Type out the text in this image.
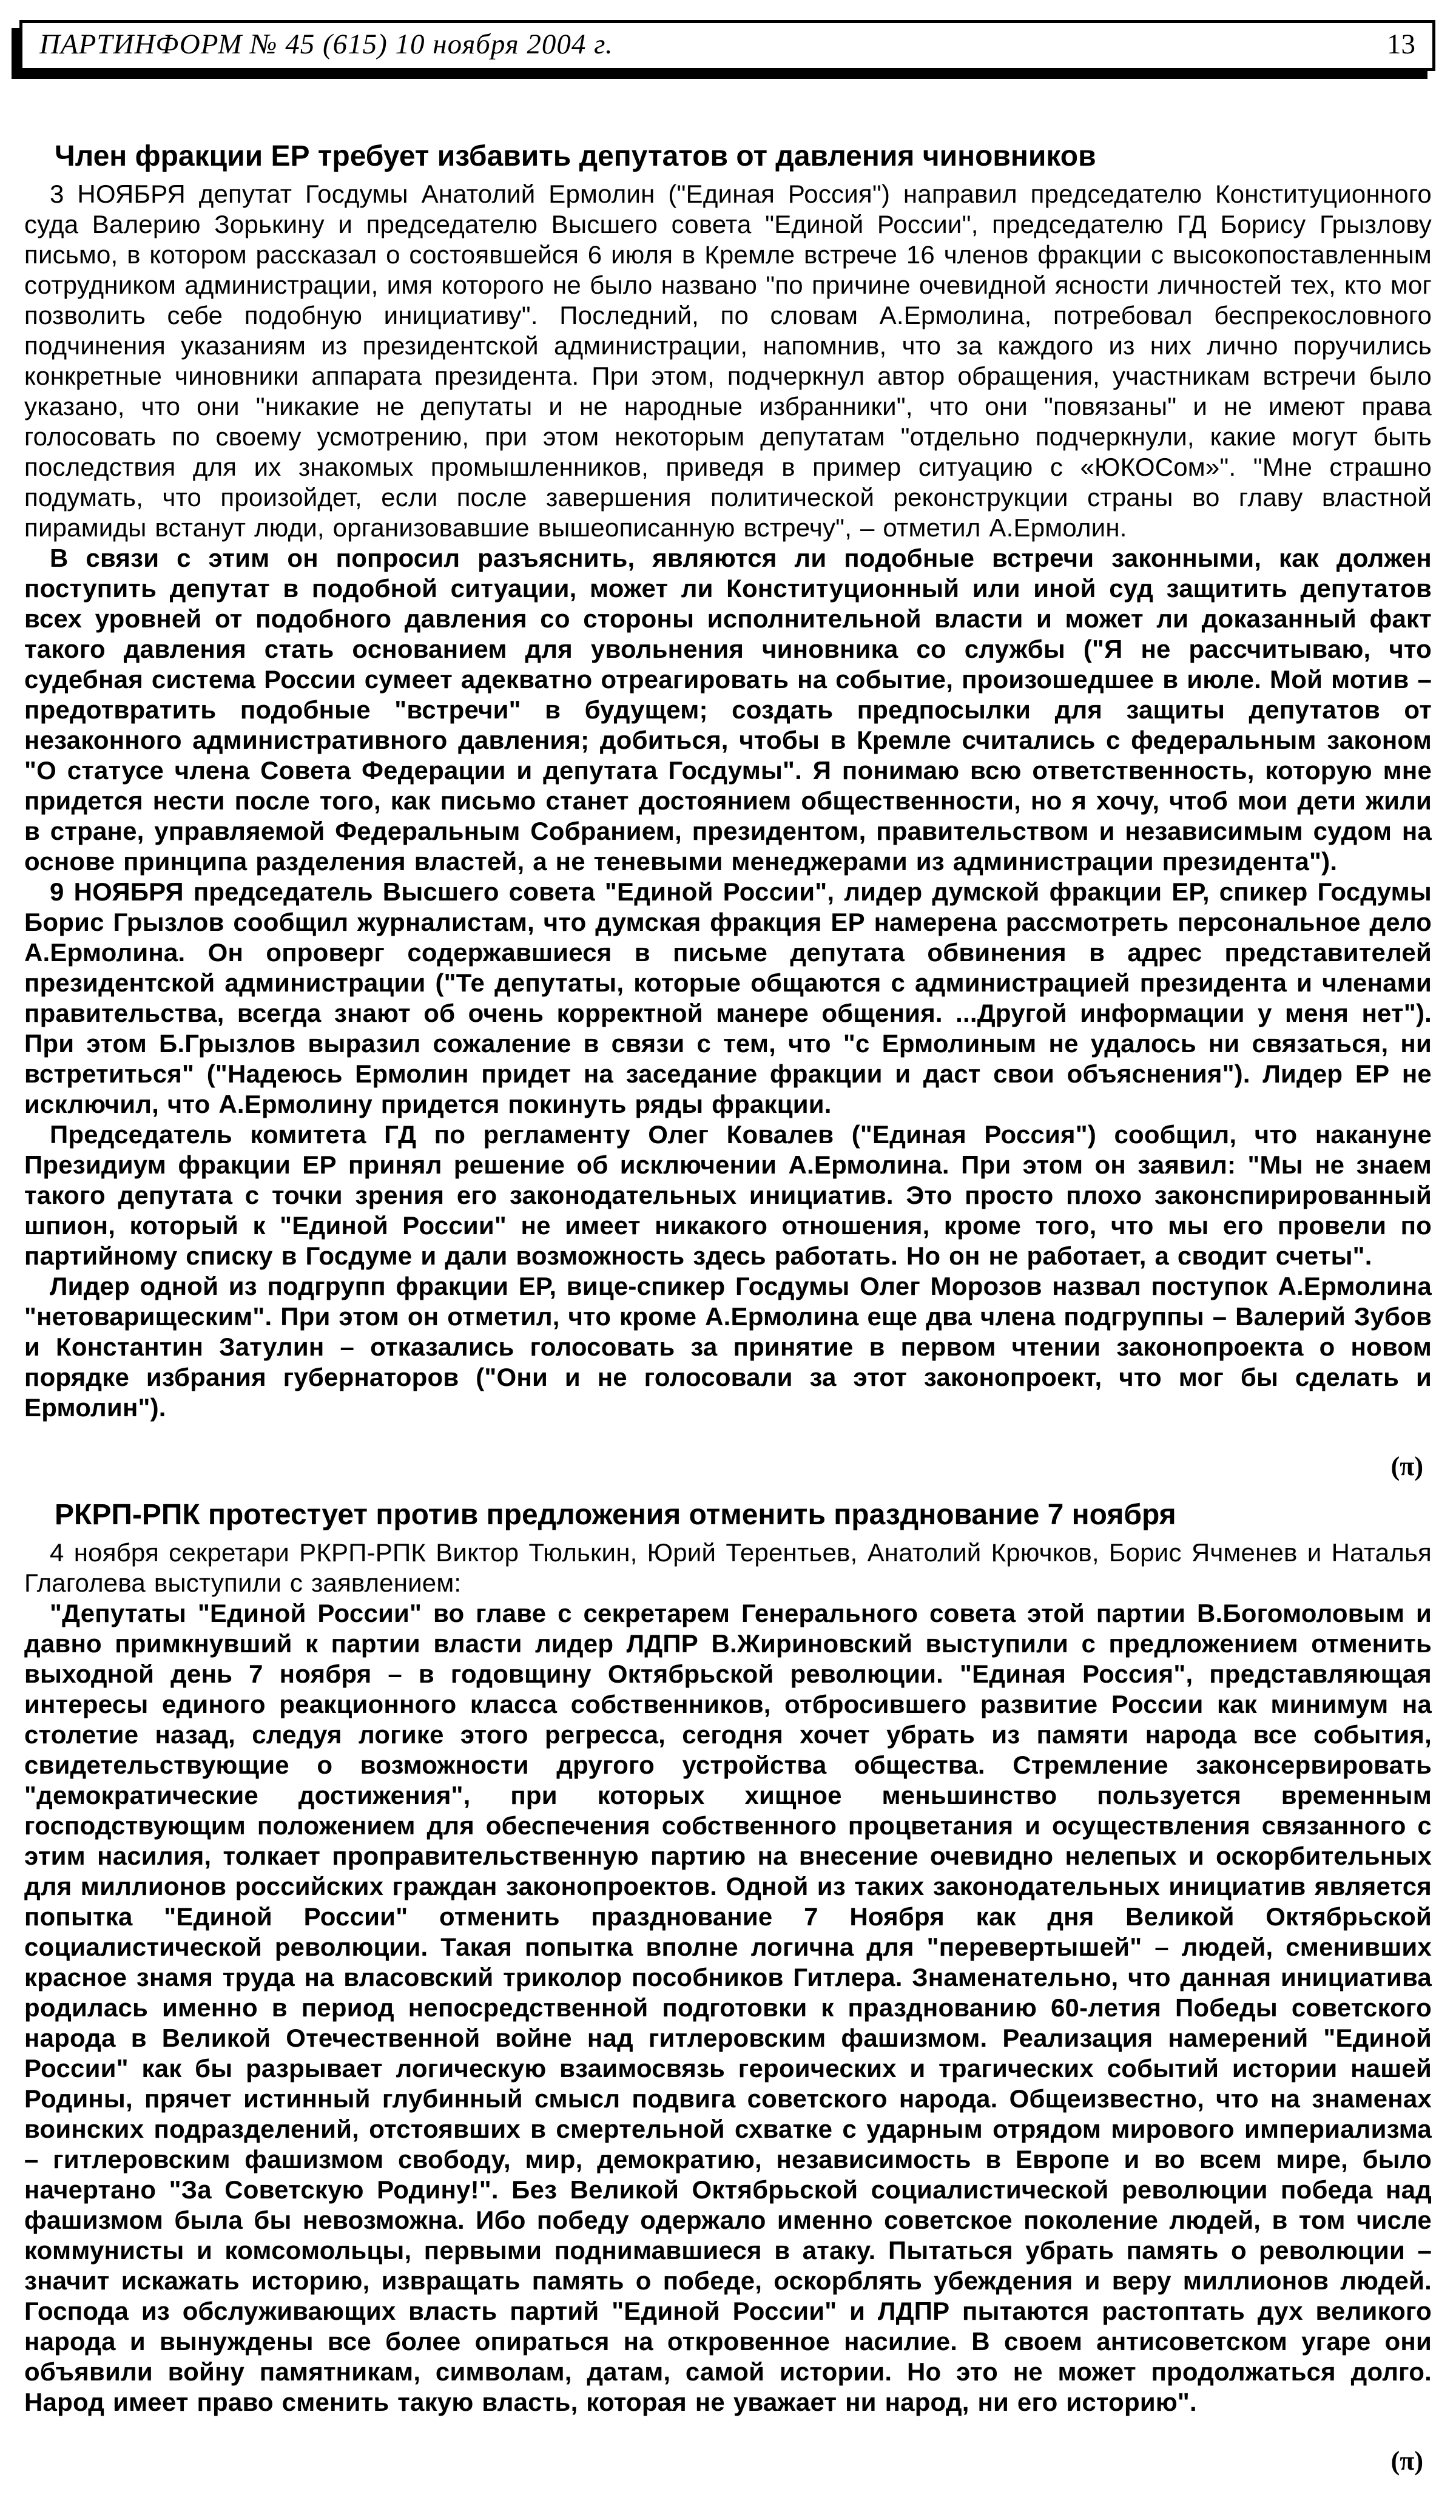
ПАРТИНФОРМ № 45 (615) 10 ноября 2004 г.	13
Член фракции ЕР требует избавить депутатов от давления чиновников

3 НОЯБРЯ депутат Госдумы Анатолий Ермолин ("Единая Россия") направил председателю Конституционного суда Валерию Зорькину и председателю Высшего совета "Единой России", председателю ГД Борису Грызлову письмо, в котором рассказал о состоявшейся 6 июля в Кремле встрече 16 членов фракции с высокопоставленным сотрудником администрации, имя которого не было названо "по причине очевидной ясности личностей тех, кто мог позволить себе подобную инициативу". Последний, по словам А.Ермолина, потребовал беспрекословного подчинения указаниям из президентской администрации, напомнив, что за каждого из них лично поручились конкретные чиновники аппарата президента. При этом, подчеркнул автор обращения, участникам встречи было указано, что они "никакие не депутаты и не народные избранники", что они "повязаны" и не имеют права голосовать по своему усмотрению, при этом некоторым депутатам "отдельно подчеркнули, какие могут быть последствия для их знакомых промышленников, приведя в пример ситуацию с «ЮКОСом»". "Мне страшно подумать, что произойдет, если после завершения политической реконструкции страны во главу властной пирамиды встанут люди, организовавшие вышеописанную встречу", – отметил А.Ермолин.

В связи с этим он попросил разъяснить, являются ли подобные встречи законными, как должен поступить депутат в подобной ситуации, может ли Конституционный или иной суд защитить депутатов всех уровней от подобного давления со стороны исполнительной власти и может ли доказанный факт такого давления стать основанием для увольнения чиновника со службы ("Я не рассчитываю, что судебная система России сумеет адекватно отреагировать на событие, произошедшее в июле. Мой мотив – предотвратить подобные "встречи" в будущем; создать предпосылки для защиты депутатов от незаконного административного давления; добиться, чтобы в Кремле считались с федеральным законом "О статусе члена Совета Федерации и депутата Госдумы". Я понимаю всю ответственность, которую мне придется нести после того, как письмо станет достоянием общественности, но я хочу, чтоб мои дети жили в стране, управляемой Федеральным Собранием, президентом, правительством и независимым судом на основе принципа разделения властей, а не теневыми менеджерами из администрации президента").

9 НОЯБРЯ председатель Высшего совета "Единой России", лидер думской фракции ЕР, спикер Госдумы Борис Грызлов сообщил журналистам, что думская фракция ЕР намерена рассмотреть персональное дело А.Ермолина. Он опроверг содержавшиеся в письме депутата обвинения в адрес представителей президентской администрации ("Те депутаты, которые общаются с администрацией президента и членами правительства, всегда знают об очень корректной манере общения. ...Другой информации у меня нет"). При этом Б.Грызлов выразил сожаление в связи с тем, что "с Ермолиным не удалось ни связаться, ни встретиться" ("Надеюсь Ермолин придет на заседание фракции и даст свои объяснения"). Лидер ЕР не исключил, что А.Ермолину придется покинуть ряды фракции.

Председатель комитета ГД по регламенту Олег Ковалев ("Единая Россия") сообщил, что накануне Президиум фракции ЕР принял решение об исключении А.Ермолина. При этом он заявил: "Мы не знаем такого депутата с точки зрения его законодательных инициатив. Это просто плохо законспирированный шпион, который к "Единой России" не имеет никакого отношения, кроме того, что мы его провели по партийному списку в Госдуме и дали возможность здесь работать. Но он не работает, а сводит счеты".

Лидер одной из подгрупп фракции ЕР, вице-спикер Госдумы Олег Морозов назвал поступок А.Ермолина "нетоварищеским". При этом он отметил, что кроме А.Ермолина еще два члена подгруппы – Валерий Зубов и Константин Затулин – отказались голосовать за принятие в первом чтении законопроекта о новом порядке избрания губернаторов ("Они и не голосовали за этот законопроект, что мог бы сделать и Ермолин").

(π)
РКРП-РПК протестует против предложения отменить празднование 7 ноября

4 ноября секретари РКРП-РПК Виктор Тюлькин, Юрий Терентьев, Анатолий Крючков, Борис Ячменев и Наталья Глаголева выступили с заявлением:

"Депутаты "Единой России" во главе с секретарем Генерального совета этой партии В.Богомоловым и давно примкнувший к партии власти лидер ЛДПР В.Жириновский выступили с предложением отменить выходной день 7 ноября – в годовщину Октябрьской революции. "Единая Россия", представляющая интересы единого реакционного класса собственников, отбросившего развитие России как минимум на столетие назад, следуя логике этого регресса, сегодня хочет убрать из памяти народа все события, свидетельствующие о возможности другого устройства общества. Стремление законсервировать "демократические достижения", при которых хищное меньшинство пользуется временным господствующим положением для обеспечения собственного процветания и осуществления связанного с этим насилия, толкает проправительственную партию на внесение очевидно нелепых и оскорбительных для миллионов российских граждан законопроектов. Одной из таких законодательных инициатив является попытка "Единой России" отменить празднование 7 Ноября как дня Великой Октябрьской социалистической революции. Такая попытка вполне логична для "перевертышей" – людей, сменивших красное знамя труда на власовский триколор пособников Гитлера. Знаменательно, что данная инициатива родилась именно в период непосредственной подготовки к празднованию 60-летия Победы советского народа в Великой Отечественной войне над гитлеровским фашизмом. Реализация намерений "Единой России" как бы разрывает логическую взаимосвязь героических и трагических событий истории нашей Родины, прячет истинный глубинный смысл подвига советского народа. Общеизвестно, что на знаменах воинских подразделений, отстоявших в смертельной схватке с ударным отрядом мирового империализма – гитлеровским фашизмом свободу, мир, демократию, независимость в Европе и во всем мире, было начертано "За Советскую Родину!". Без Великой Октябрьской социалистической революции победа над фашизмом была бы невозможна. Ибо победу одержало именно советское поколение людей, в том числе коммунисты и комсомольцы, первыми поднимавшиеся в атаку. Пытаться убрать память о революции – значит искажать историю, извращать память о победе, оскорблять убеждения и веру миллионов людей. Господа из обслуживающих власть партий "Единой России" и ЛДПР пытаются растоптать дух великого народа и вынуждены все более опираться на откровенное насилие. В своем антисоветском угаре они объявили войну памятникам, символам, датам, самой истории. Но это не может продолжаться долго. Народ имеет право сменить такую власть, которая не уважает ни народ, ни его историю".

(π)
